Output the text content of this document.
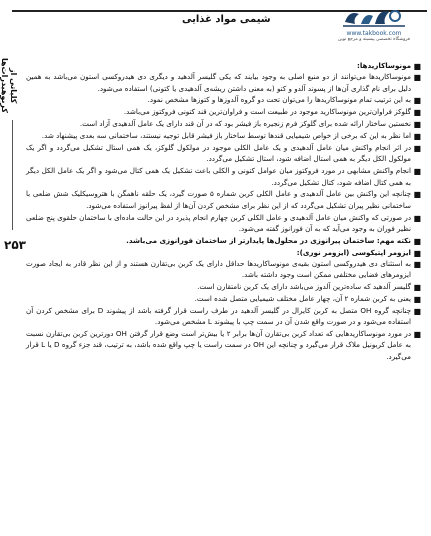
شیمی مواد غذایی
www.takbook.com
فروشگاه تخصصی پیشینه و مرجع نوین
کلیاتی از کربوهیدرات‌ها
۲۵۳

■
مونوساکاریدها:

■
مونوساکاریدها می‌توانند از دو منبع اصلی به وجود بیایند که یکی گلیسر آلدهید و دیگری دی هیدروکسی استون می‌باشد به همین دلیل برای نام گذاری آن‌ها از پسوند آلدو و کتو (به معنی داشتن ریشه‌ی آلدهیدی یا کتونی) استفاده می‌شود.

■
به این ترتیب تمام مونوساکاریدها را می‌توان تحت دو گروه آلدوزها و کتوزها مشخص نمود.

■
گلوکز فراوان‌ترین مونوساکارید موجود در طبیعت است و فراوان‌ترین قند کتونی فروکتوز می‌باشد.

■
نخستین ساختار ارائه شده برای گلوکز فرم زنجیره باز فیشر بود که در آن قند دارای یک عامل آلدهیدی آزاد است.

■
اما نظر به این که برخی از خواص شیمیایی قندها توسط ساختار باز فیشر قابل توجیه نیستند، ساختمانی سه بعدی پیشنهاد شد.

■
در اثر انجام واکنش میان عامل آلدهیدی و یک عامل الکلی موجود در مولکول گلوکز، یک همی استال تشکیل می‌گردد و اگر یک مولکول الکل دیگر به همی استال اضافه شود، استال تشکیل می‌گردد.

■
انجام واکنش مشابهی در مورد فروکتوز میان عوامل کتونی و الکلی باعث تشکیل یک همی کتال می‌شود و اگر یک عامل الکل دیگر به همی کتال اضافه شود، کتال تشکیل می‌گردد.

■
چنانچه این واکنش بین عامل آلدهیدی و عامل الکلی کربن شماره ۵ صورت گیرد، یک حلقه ناهمگن با هتروسیکلیک شش ضلعی با ساختمانی نظیر پیران تشکیل می‌گردد که از این نظر برای مشخص کردن آن‌ها از لفظ پیرانوز استفاده می‌شود.

■
در صورتی که واکنش میان عامل آلدهیدی و عامل الکلی کربن چهارم انجام پذیرد در این حالت ماده‌ای با ساختمان حلقوی پنج ضلعی نظیر فوران به وجود می‌آید که به آن فورانوز گفته می‌شود.

■
نکته مهم: ساختمان پیرانوزی در محلول‌ها پایدارتر از ساختمان فورانوزی می‌باشد.

■
ایزومر اپتیکوسی (ایزومر نوری):

■
به استثنای دی هیدروکسی استون بقیه‌ی مونوساکاریدها حداقل دارای یک کربن بی‌تقارن هستند و از این نظر قادر به ایجاد صورت ایزومرهای فضایی مختلفی ممکن است وجود داشته باشد.

■
گلیسر آلدهید که ساده‌ترین آلدوز می‌باشد دارای یک کربن نامتقارن است.

■
یعنی به کربن شماره ۲ آن، چهار عامل مختلف شیمیایی متصل شده است.

■
چنانچه گروه OH متصل به کربن کایرال در گلیسر آلدهید در طرف راست قرار گرفته باشد از پیشوند D برای مشخص کردن آن استفاده می‌شود و در صورت واقع شدن آن در سمت چپ با پیشوند L مشخص می‌شود.

■
در مورد مونوساکاریدهایی که تعداد کربن بی‌تقارن آن‌ها برابر ۲ یا بیش‌تر است وضع قرار گرفتن OH دورترین کربن بی‌تقارن نسبت به عامل کربونیل ملاک قرار می‌گیرد و چنانچه این OH در سمت راست یا چپ واقع شده باشد، به ترتیب، قند جزء گروه D یا L قرار می‌گیرد.
